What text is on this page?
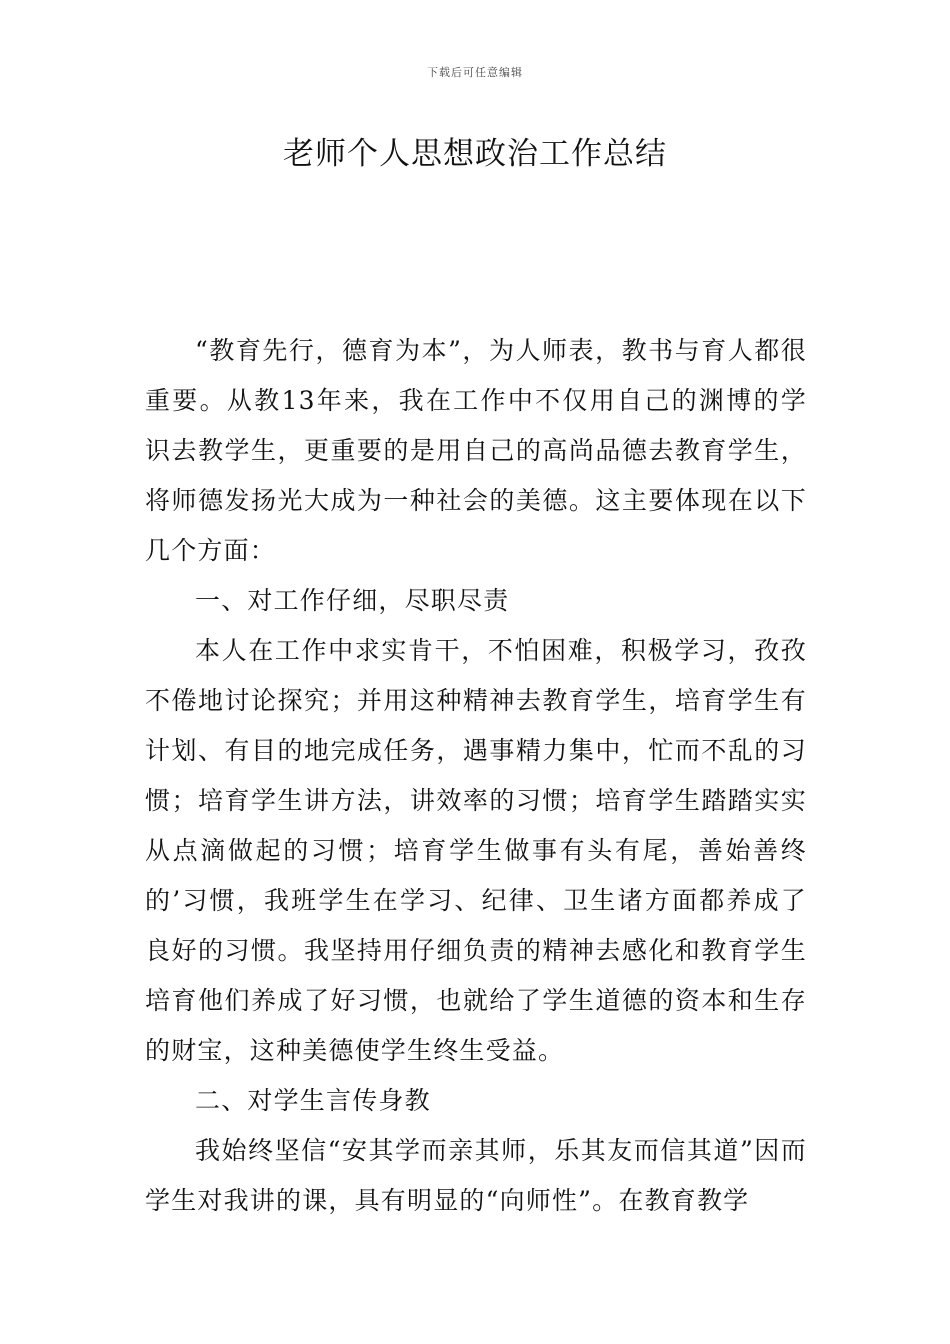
下载后可任意编辑
老师个人思想政治工作总结

“教育先行，德育为本”，为人师表，教书与育人都很重要。从教13年来，我在工作中不仅用自己的渊博的学识去教学生，更重要的是用自己的高尚品德去教育学生，将师德发扬光大成为一种社会的美德。这主要体现在以下几个方面：

一、对工作仔细，尽职尽责

本人在工作中求实肯干，不怕困难，积极学习，孜孜不倦地讨论探究；并用这种精神去教育学生，培育学生有计划、有目的地完成任务，遇事精力集中，忙而不乱的习惯；培育学生讲方法，讲效率的习惯；培育学生踏踏实实从点滴做起的习惯；培育学生做事有头有尾，善始善终的’习惯，我班学生在学习、纪律、卫生诸方面都养成了良好的习惯。我坚持用仔细负责的精神去感化和教育学生培育他们养成了好习惯，也就给了学生道德的资本和生存的财宝，这种美德使学生终生受益。

二、对学生言传身教

我始终坚信“安其学而亲其师，乐其友而信其道”因而学生对我讲的课，具有明显的“向师性”。在教育教学
